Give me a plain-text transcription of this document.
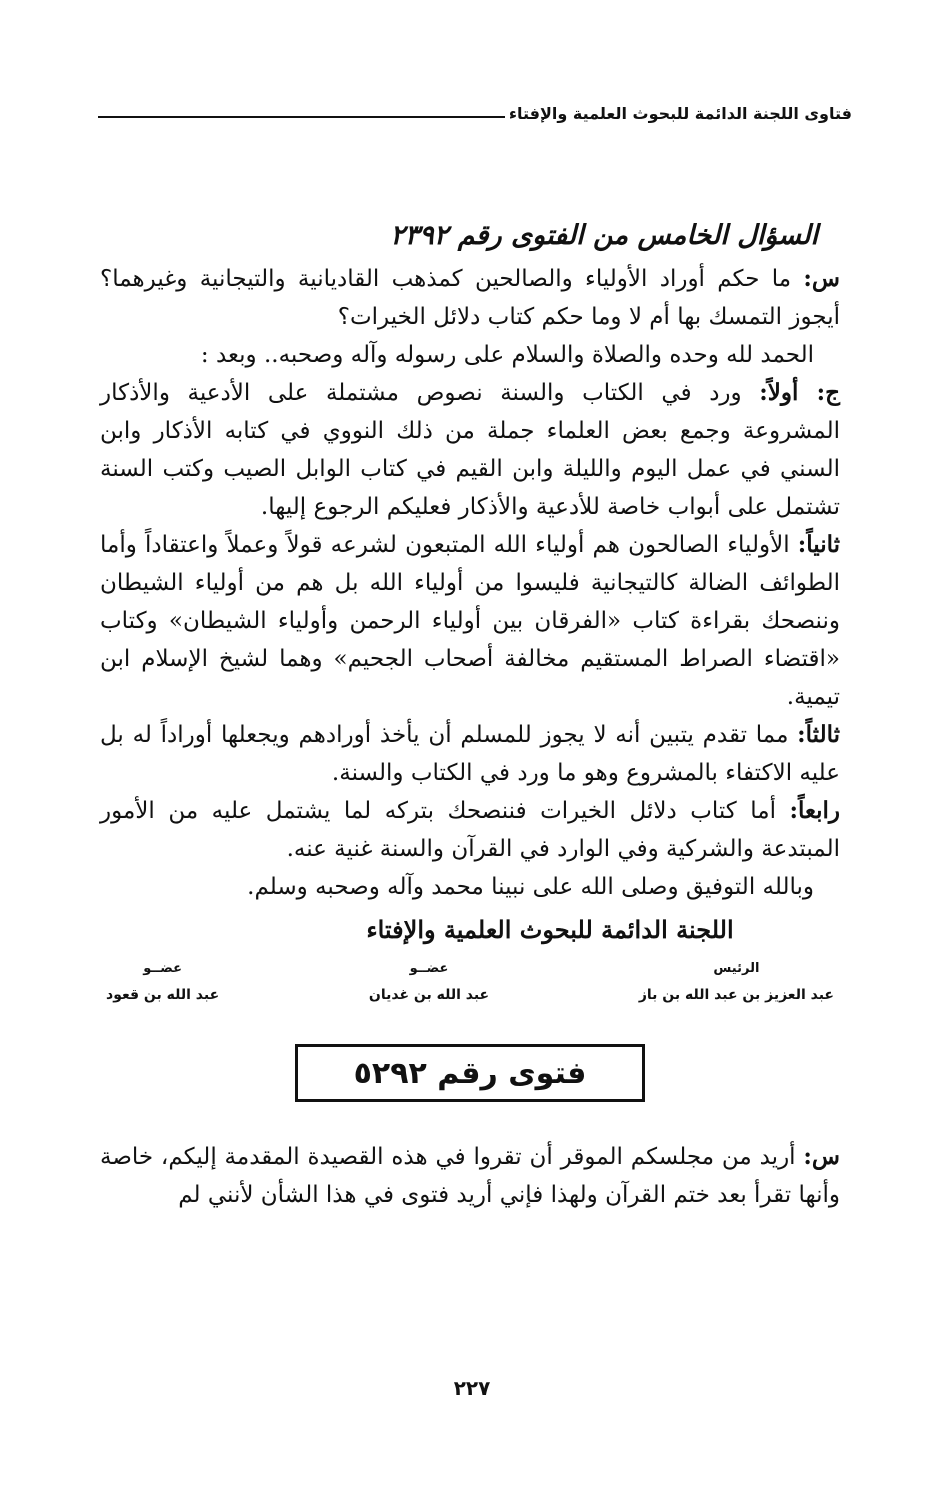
فتاوى اللجنة الدائمة للبحوث العلمية والإفتاء
السؤال الخامس من الفتوى رقم ٢٣٩٢

س: ما حكم أوراد الأولياء والصالحين كمذهب القاديانية والتيجانية وغيرهما؟ أيجوز التمسك بها أم لا وما حكم كتاب دلائل الخيرات؟

الحمد لله وحده والصلاة والسلام على رسوله وآله وصحبه.. وبعد :

ج: أولاً: ورد في الكتاب والسنة نصوص مشتملة على الأدعية والأذكار المشروعة وجمع بعض العلماء جملة من ذلك النووي في كتابه الأذكار وابن السني في عمل اليوم والليلة وابن القيم في كتاب الوابل الصيب وكتب السنة تشتمل على أبواب خاصة للأدعية والأذكار فعليكم الرجوع إليها.

ثانياً: الأولياء الصالحون هم أولياء الله المتبعون لشرعه قولاً وعملاً واعتقاداً وأما الطوائف الضالة كالتيجانية فليسوا من أولياء الله بل هم من أولياء الشيطان وننصحك بقراءة كتاب «الفرقان بين أولياء الرحمن وأولياء الشيطان» وكتاب «اقتضاء الصراط المستقيم مخالفة أصحاب الجحيم» وهما لشيخ الإسلام ابن تيمية.

ثالثاً: مما تقدم يتبين أنه لا يجوز للمسلم أن يأخذ أورادهم ويجعلها أوراداً له بل عليه الاكتفاء بالمشروع وهو ما ورد في الكتاب والسنة.

رابعاً: أما كتاب دلائل الخيرات فننصحك بتركه لما يشتمل عليه من الأمور المبتدعة والشركية وفي الوارد في القرآن والسنة غنية عنه.

وبالله التوفيق وصلى الله على نبينا محمد وآله وصحبه وسلم.

اللجنة الدائمة للبحوث العلمية والإفتاء
الرئيس
عبد العزيز بن عبد الله بن باز
عضــو
عبد الله بن غديان
عضــو
عبد الله بن قعود
فتوى رقم ٥٢٩٢

س: أريد من مجلسكم الموقر أن تقروا في هذه القصيدة المقدمة إليكم، خاصة وأنها تقرأ بعد ختم القرآن ولهذا فإني أريد فتوى في هذا الشأن لأنني لم

٢٢٧
